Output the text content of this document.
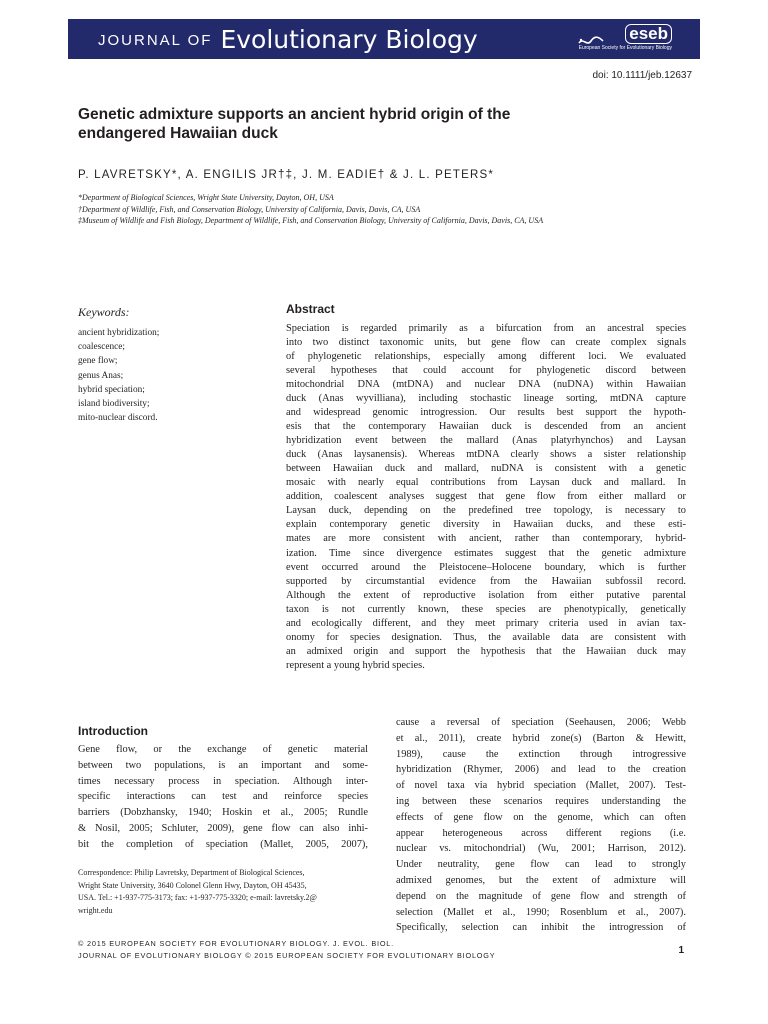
JOURNAL OF Evolutionary Biology	eseb
European Society for Evolutionary Biology
doi: 10.1111/jeb.12637
Genetic admixture supports an ancient hybrid origin of the
endangered Hawaiian duck
P. LAVRETSKY*, A. ENGILIS JR†‡, J. M. EADIE† & J. L. PETERS*
*Department of Biological Sciences, Wright State University, Dayton, OH, USA
†Department of Wildlife, Fish, and Conservation Biology, University of California, Davis, Davis, CA, USA
‡Museum of Wildlife and Fish Biology, Department of Wildlife, Fish, and Conservation Biology, University of California, Davis, Davis, CA, USA
Keywords:
ancient hybridization;
coalescence;
gene flow;
genus Anas;
hybrid speciation;
island biodiversity;
mito-nuclear discord.
Abstract
Speciation is regarded primarily as a bifurcation from an ancestral species
into two distinct taxonomic units, but gene flow can create complex signals
of phylogenetic relationships, especially among different loci. We evaluated
several hypotheses that could account for phylogenetic discord between
mitochondrial DNA (mtDNA) and nuclear DNA (nuDNA) within Hawaiian
duck (Anas wyvilliana), including stochastic lineage sorting, mtDNA capture
and widespread genomic introgression. Our results best support the hypoth-
esis that the contemporary Hawaiian duck is descended from an ancient
hybridization event between the mallard (Anas platyrhynchos) and Laysan
duck (Anas laysanensis). Whereas mtDNA clearly shows a sister relationship
between Hawaiian duck and mallard, nuDNA is consistent with a genetic
mosaic with nearly equal contributions from Laysan duck and mallard. In
addition, coalescent analyses suggest that gene flow from either mallard or
Laysan duck, depending on the predefined tree topology, is necessary to
explain contemporary genetic diversity in Hawaiian ducks, and these esti-
mates are more consistent with ancient, rather than contemporary, hybrid-
ization. Time since divergence estimates suggest that the genetic admixture
event occurred around the Pleistocene–Holocene boundary, which is further
supported by circumstantial evidence from the Hawaiian subfossil record.
Although the extent of reproductive isolation from either putative parental
taxon is not currently known, these species are phenotypically, genetically
and ecologically different, and they meet primary criteria used in avian tax-
onomy for species designation. Thus, the available data are consistent with
an admixed origin and support the hypothesis that the Hawaiian duck may
represent a young hybrid species.
Introduction
Gene flow, or the exchange of genetic material
between two populations, is an important and some-
times necessary process in speciation. Although inter-
specific interactions can test and reinforce species
barriers (Dobzhansky, 1940; Hoskin et al., 2005; Rundle
& Nosil, 2005; Schluter, 2009), gene flow can also inhi-
bit the completion of speciation (Mallet, 2005, 2007),
cause a reversal of speciation (Seehausen, 2006; Webb
et al., 2011), create hybrid zone(s) (Barton & Hewitt,
1989), cause the extinction through introgressive
hybridization (Rhymer, 2006) and lead to the creation
of novel taxa via hybrid speciation (Mallet, 2007). Test-
ing between these scenarios requires understanding the
effects of gene flow on the genome, which can often
appear heterogeneous across different regions (i.e.
nuclear vs. mitochondrial) (Wu, 2001; Harrison, 2012).
Under neutrality, gene flow can lead to strongly
admixed genomes, but the extent of admixture will
depend on the magnitude of gene flow and strength of
selection (Mallet et al., 1990; Rosenblum et al., 2007).
Specifically, selection can inhibit the introgression of
Correspondence: Philip Lavretsky, Department of Biological Sciences,
Wright State University, 3640 Colonel Glenn Hwy, Dayton, OH 45435,
USA. Tel.: +1-937-775-3173; fax: +1-937-775-3320; e-mail: lavretsky.2@
wright.edu
© 2015 EUROPEAN SOCIETY FOR EVOLUTIONARY BIOLOGY. J. EVOL. BIOL.
JOURNAL OF EVOLUTIONARY BIOLOGY © 2015 EUROPEAN SOCIETY FOR EVOLUTIONARY BIOLOGY	1
